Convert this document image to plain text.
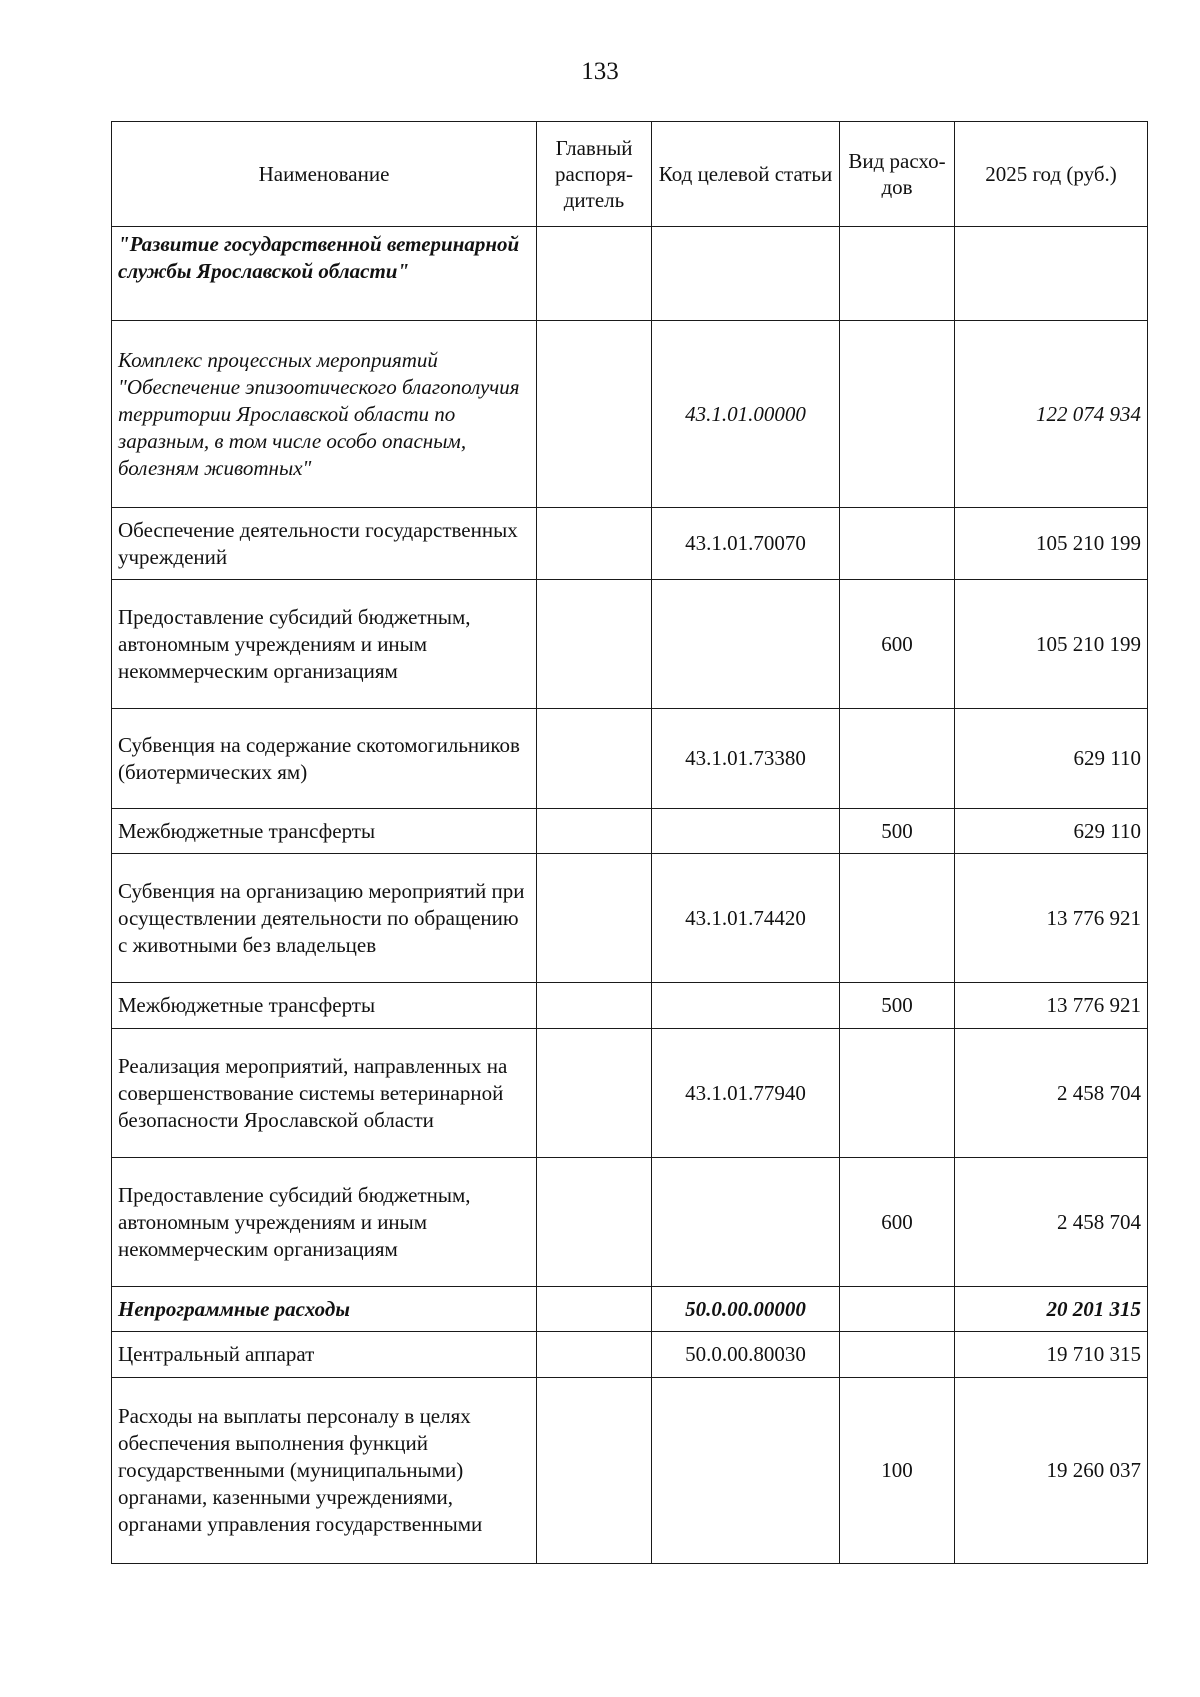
133
Наименование	Главный распоря-дитель	Код целевой статьи	Вид расхо-дов	2025 год (руб.)
"Развитие государственной ветеринарной службы Ярославской области"				
Комплекс процессных мероприятий "Обеспечение эпизоотического благополучия территории Ярославской области по заразным, в том числе особо опасным, болезням животных"		43.1.01.00000		122 074 934
Обеспечение деятельности государственных учреждений		43.1.01.70070		105 210 199
Предоставление субсидий бюджетным, автономным учреждениям и иным некоммерческим организациям			600	105 210 199
Субвенция на содержание скотомогильников (биотермических ям)		43.1.01.73380		629 110
Межбюджетные трансферты			500	629 110
Субвенция на организацию мероприятий при осуществлении деятельности по обращению с животными без владельцев		43.1.01.74420		13 776 921
Межбюджетные трансферты			500	13 776 921
Реализация мероприятий, направленных на совершенствование системы ветеринарной безопасности Ярославской области		43.1.01.77940		2 458 704
Предоставление субсидий бюджетным, автономным учреждениям и иным некоммерческим организациям			600	2 458 704
Непрограммные расходы		50.0.00.00000		20 201 315
Центральный аппарат		50.0.00.80030		19 710 315
Расходы на выплаты персоналу в целях обеспечения выполнения функций государственными (муниципальными) органами, казенными учреждениями, органами управления государственными			100	19 260 037
